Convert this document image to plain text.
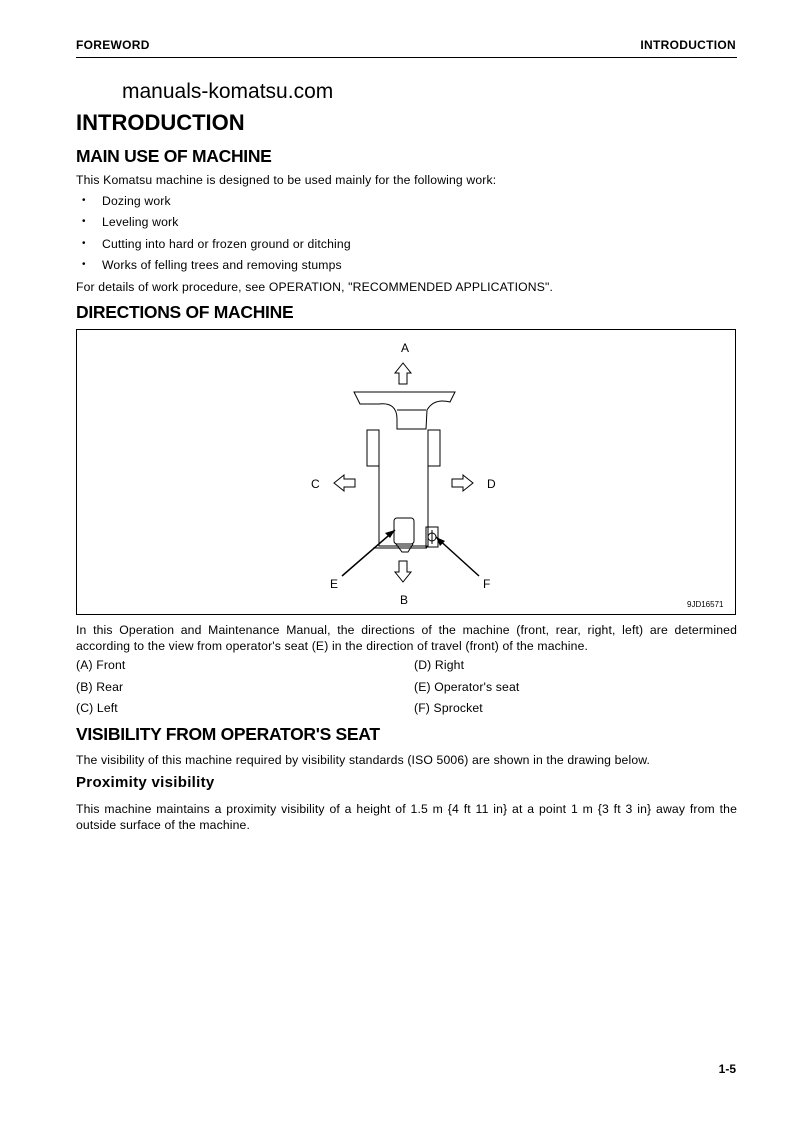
FOREWORD	INTRODUCTION
manuals-komatsu.com
INTRODUCTION
MAIN USE OF MACHINE
This Komatsu machine is designed to be used mainly for the following work:
• Dozing work
• Leveling work
• Cutting into hard or frozen ground or ditching
• Works of felling trees and removing stumps
For details of work procedure, see OPERATION, "RECOMMENDED APPLICATIONS".
DIRECTIONS OF MACHINE
A
B
C	D
E	F
9JD16571
In this Operation and Maintenance Manual, the directions of the machine (front, rear, right, left) are determined according to the view from operator's seat (E) in the direction of travel (front) of the machine.
(A) Front	(D) Right
(B) Rear	(E) Operator's seat
(C) Left	(F) Sprocket
VISIBILITY FROM OPERATOR'S SEAT
The visibility of this machine required by visibility standards (ISO 5006) are shown in the drawing below.
Proximity visibility
This machine maintains a proximity visibility of a height of 1.5 m {4 ft 11 in} at a point 1 m {3 ft 3 in} away from the outside surface of the machine.
1-5
